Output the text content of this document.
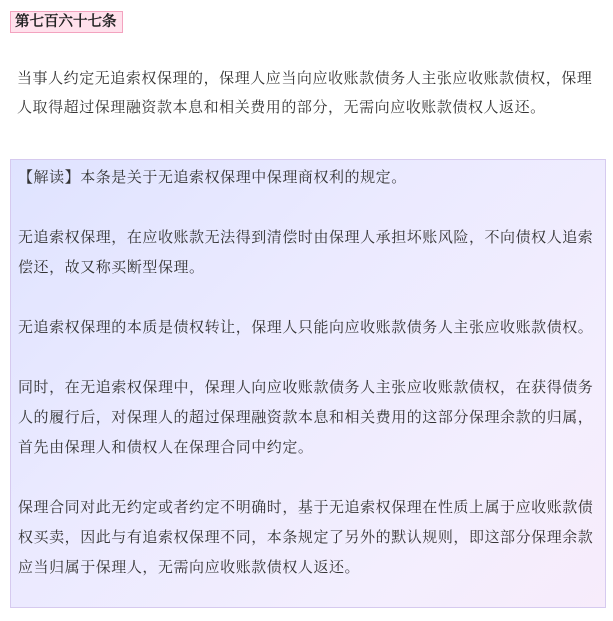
第七百六十七条

当事人约定无追索权保理的，保理人应当向应收账款债务人主张应收账款债权，保理人取得超过保理融资款本息和相关费用的部分，无需向应收账款债权人返还。

【解读】本条是关于无追索权保理中保理商权利的规定。

无追索权保理，在应收账款无法得到清偿时由保理人承担坏账风险，不向债权人追索偿还，故又称买断型保理。

无追索权保理的本质是债权转让，保理人只能向应收账款债务人主张应收账款债权。

同时，在无追索权保理中，保理人向应收账款债务人主张应收账款债权，在获得债务人的履行后，对保理人的超过保理融资款本息和相关费用的这部分保理余款的归属，首先由保理人和债权人在保理合同中约定。

保理合同对此无约定或者约定不明确时，基于无追索权保理在性质上属于应收账款债权买卖，因此与有追索权保理不同，本条规定了另外的默认规则，即这部分保理余款应当归属于保理人，无需向应收账款债权人返还。
